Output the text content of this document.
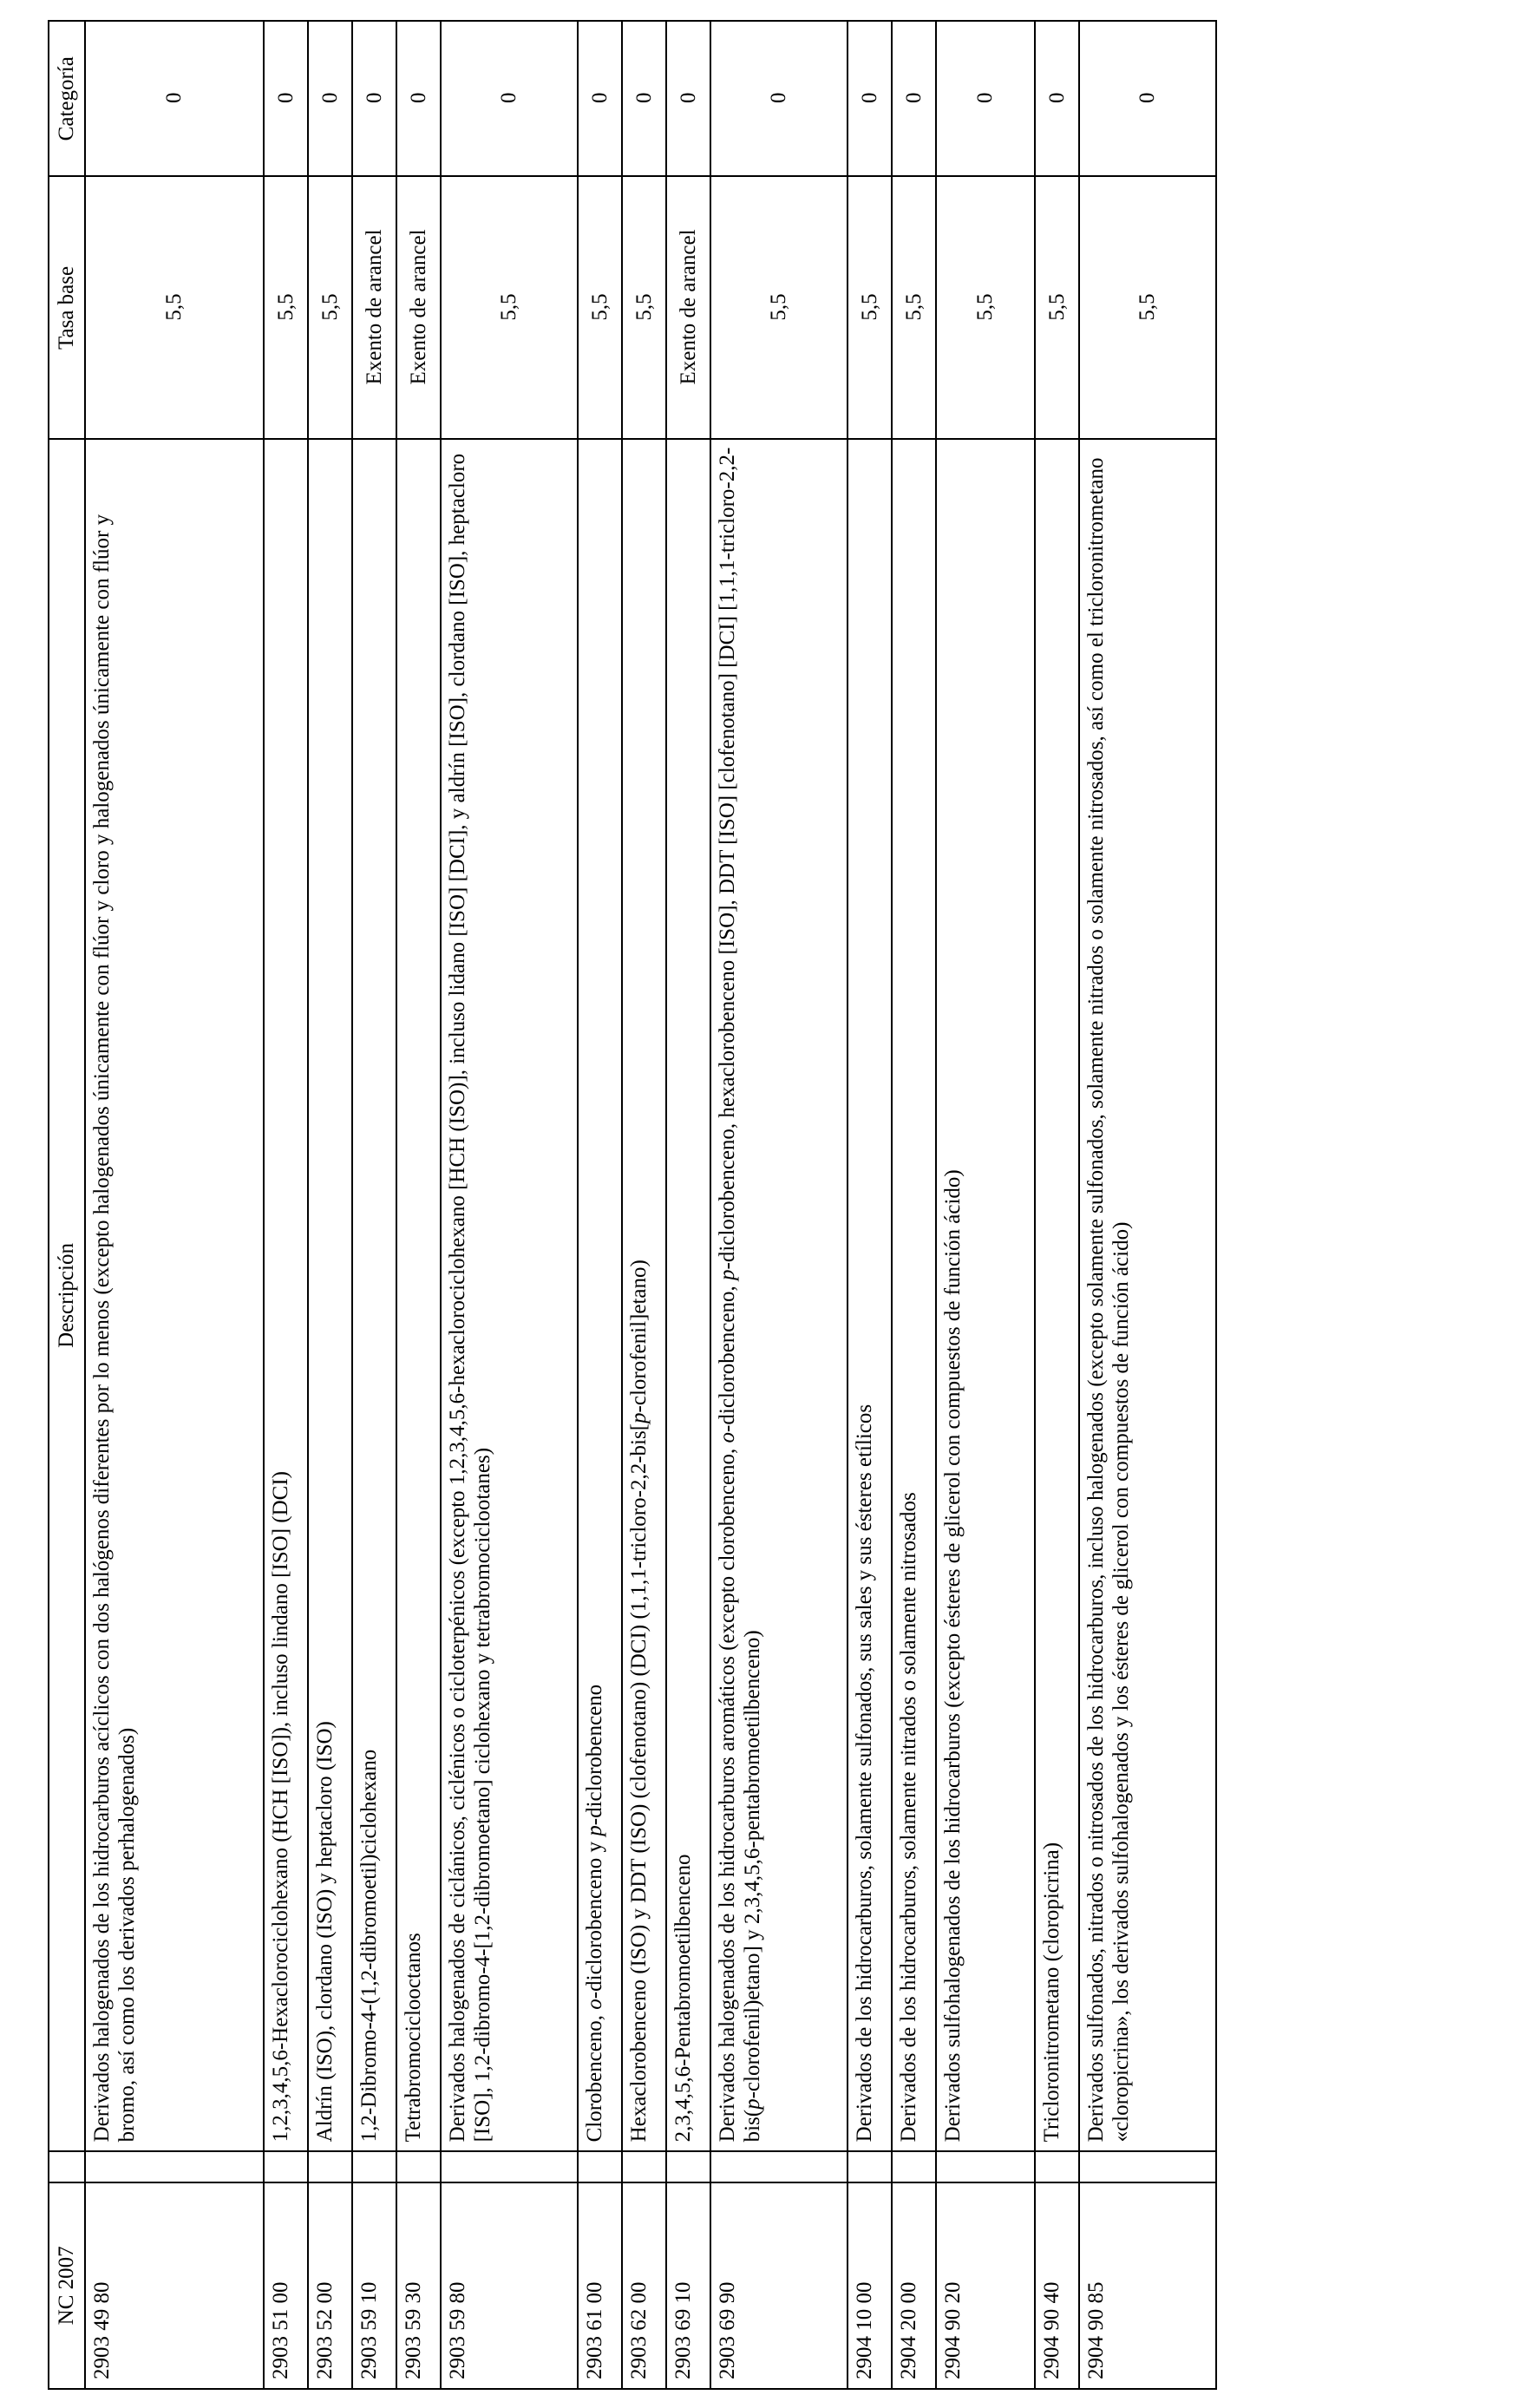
NC 2007		Descripción	Tasa base	Categoría
2903 49 80		Derivados halogenados de los hidrocarburos acíclicos con dos halógenos diferentes por lo menos (excepto halogenados únicamente con flúor y cloro y halogenados únicamente con flúor y bromo, así como los derivados perhalogenados)	5,5	0
2903 51 00		1,2,3,4,5,6-Hexaclorociclohexano (HCH [ISO]), incluso lindano [ISO] (DCI)	5,5	0
2903 52 00		Aldrín (ISO), clordano (ISO) y heptacloro (ISO)	5,5	0
2903 59 10		1,2-Dibromo-4-(1,2-dibromoetil)ciclohexano	Exento de arancel	0
2903 59 30		Tetrabromociclooctanos	Exento de arancel	0
2903 59 80		Derivados halogenados de ciclánicos, ciclénicos o cicloterpénicos (excepto 1,2,3,4,5,6-hexaclorociclohexano [HCH (ISO)], incluso lidano [ISO] [DCI], y aldrín [ISO], clordano [ISO], heptacloro [ISO], 1,2-dibromo-4-[1,2-dibromoetano] ciclohexano y tetrabromociclootanes)	5,5	0
2903 61 00		Clorobenceno, o-diclorobenceno y p-diclorobenceno	5,5	0
2903 62 00		Hexaclorobenceno (ISO) y DDT (ISO) (clofenotano) (DCI) (1,1,1-tricloro-2,2-bis[p-clorofenil]etano)	5,5	0
2903 69 10		2,3,4,5,6-Pentabromoetilbenceno	Exento de arancel	0
2903 69 90		Derivados halogenados de los hidrocarburos aromáticos (excepto clorobenceno, o-diclorobenceno, p-diclorobenceno, hexaclorobenceno [ISO], DDT [ISO] [clofenotano] [DCI] [1,1,1-tricloro-2,2-bis(p-clorofenil)etano] y 2,3,4,5,6-pentabromoetilbenceno)	5,5	0
2904 10 00		Derivados de los hidrocarburos, solamente sulfonados, sus sales y sus ésteres etílicos	5,5	0
2904 20 00		Derivados de los hidrocarburos, solamente nitrados o solamente nitrosados	5,5	0
2904 90 20		Derivados sulfohalogenados de los hidrocarburos (excepto ésteres de glicerol con compuestos de función ácido)	5,5	0
2904 90 40		Tricloronitrometano (cloropicrina)	5,5	0
2904 90 85		Derivados sulfonados, nitrados o nitrosados de los hidrocarburos, incluso halogenados (excepto solamente sulfonados, solamente nitrados o solamente nitrosados, así como el tricloronitrometano «cloropicrina», los derivados sulfohalogenados y los ésteres de glicerol con compuestos de función ácido)	5,5	0
